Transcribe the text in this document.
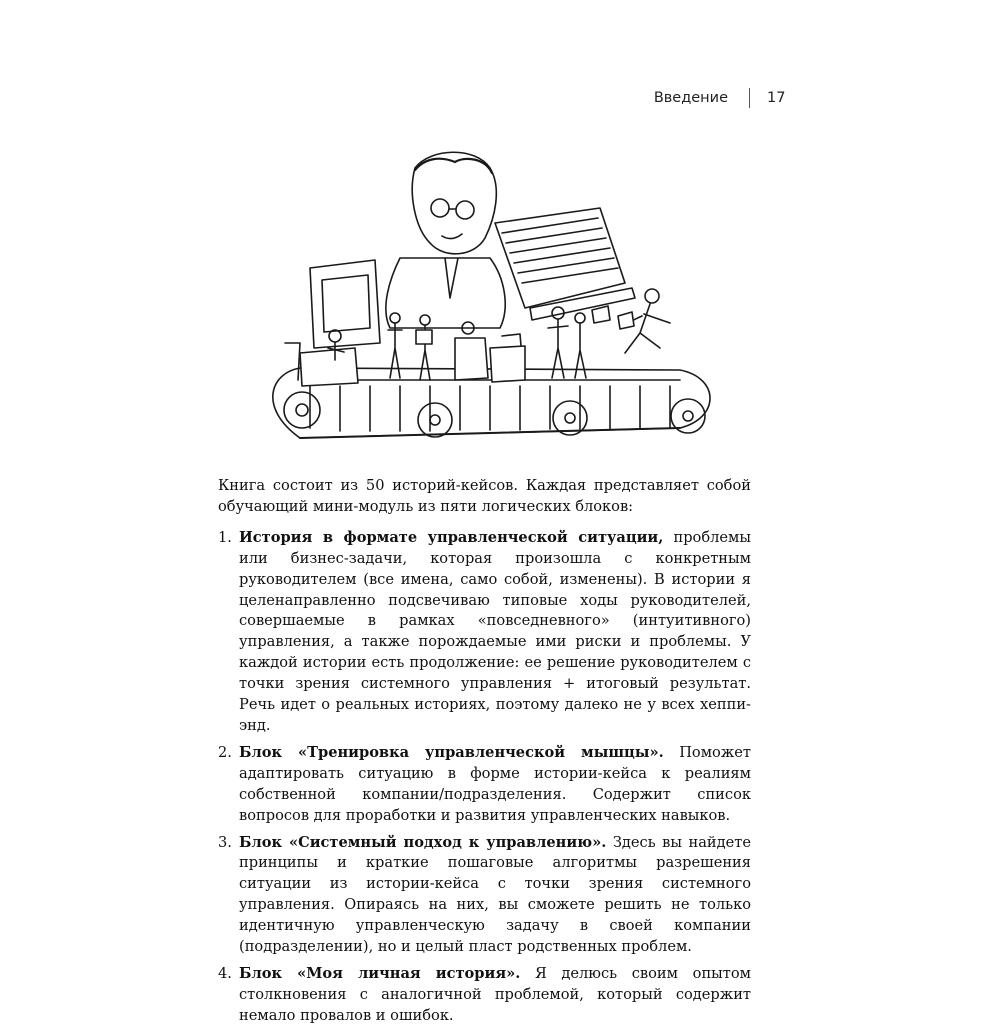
Введение	17

Книга состоит из 50 историй-кейсов. Каждая представляет собой обучающий мини-модуль из пяти логических блоков:

1. История в формате управленческой ситуации, проблемы или бизнес-задачи, которая произошла с конкретным руководителем (все имена, само собой, изменены). В истории я целенаправленно подсвечиваю типовые ходы руководителей, совершаемые в рамках «повседневного» (интуитивного) управления, а также порождаемые ими риски и проблемы. У каждой истории есть продолжение: ее решение руководителем с точки зрения системного управления + итоговый результат. Речь идет о реальных историях, поэтому далеко не у всех хеппи-энд.
2. Блок «Тренировка управленческой мышцы». Поможет адаптировать ситуацию в форме истории-кейса к реалиям собственной компании/подразделения. Содержит список вопросов для проработки и развития управленческих навыков.
3. Блок «Системный подход к управлению». Здесь вы найдете принципы и краткие пошаговые алгоритмы разрешения ситуации из истории-кейса с точки зрения системного управления. Опираясь на них, вы сможете решить не только идентичную управленческую задачу в своей компании (подразделении), но и целый пласт родственных проблем.
4. Блок «Моя личная история». Я делюсь своим опытом столкновения с аналогичной проблемой, который содержит немало провалов и ошибок.
